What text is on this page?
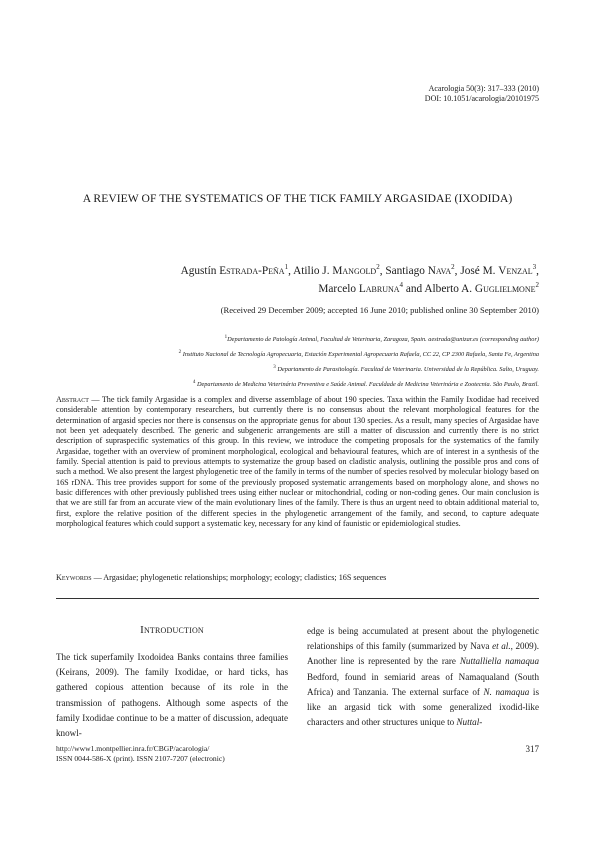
Acarologia 50(3): 317–333 (2010)
DOI: 10.1051/acarologia/20101975
A REVIEW OF THE SYSTEMATICS OF THE TICK FAMILY ARGASIDAE (IXODIDA)
Agustín Estrada-Peña$^1$, Atilio J. Mangold$^2$, Santiago Nava$^2$, José M. Venzal$^3$,
Marcelo Labruna$^4$ and Alberto A. Guglielmone$^2$
(Received 29 December 2009; accepted 16 June 2010; published online 30 September 2010)

$^1$Departamento de Patología Animal, Facultad de Veterinaria, Zaragoza, Spain. aestrada@unizar.es (corresponding author)

$^2$ Instituto Nacional de Tecnología Agropecuaria, Estación Experimental Agropecuaria Rafaela, CC 22, CP 2300 Rafaela, Santa Fe, Argentina

$^3$ Departamento de Parasitología. Facultad de Veterinaria. Universidad de la República. Salto, Uruguay.

$^4$ Departamento de Medicina Veterinária Preventiva e Saúde Animal. Faculdade de Medicina Veterinária e Zootecnia. São Paulo, Brazil.

Abstract — The tick family Argasidae is a complex and diverse assemblage of about 190 species. Taxa within the Family Ixodidae had received considerable attention by contemporary researchers, but currently there is no consensus about the relevant morphological features for the determination of argasid species nor there is consensus on the appropriate genus for about 130 species. As a result, many species of Argasidae have not been yet adequately described. The generic and subgeneric arrangements are still a matter of discussion and currently there is no strict description of supraspecific systematics of this group. In this review, we introduce the competing proposals for the systematics of the family Argasidae, together with an overview of prominent morphological, ecological and behavioural features, which are of interest in a synthesis of the family. Special attention is paid to previous attempts to systematize the group based on cladistic analysis, outlining the possible pros and cons of such a method. We also present the largest phylogenetic tree of the family in terms of the number of species resolved by molecular biology based on 16S rDNA. This tree provides support for some of the previously proposed systematic arrangements based on morphology alone, and shows no basic differences with other previously published trees using either nuclear or mitochondrial, coding or non-coding genes. Our main conclusion is that we are still far from an accurate view of the main evolutionary lines of the family. There is thus an urgent need to obtain additional material to, first, explore the relative position of the different species in the phylogenetic arrangement of the family, and second, to capture adequate morphological features which could support a systematic key, necessary for any kind of faunistic or epidemiological studies.
Keywords — Argasidae; phylogenetic relationships; morphology; ecology; cladistics; 16S sequences
Introduction
The tick superfamily Ixodoidea Banks contains three families (Keirans, 2009). The family Ixodidae, or hard ticks, has gathered copious attention because of its role in the transmission of pathogens. Although some aspects of the family Ixodidae continue to be a matter of discussion, adequate knowl-
edge is being accumulated at present about the phylogenetic relationships of this family (summarized by Nava et al., 2009). Another line is represented by the rare Nuttalliella namaqua Bedford, found in semiarid areas of Namaqualand (South Africa) and Tanzania. The external surface of N. namaqua is like an argasid tick with some generalized ixodid-like characters and other structures unique to Nuttal-
http://www1.montpellier.inra.fr/CBGP/acarologia/
ISSN 0044-586-X (print). ISSN 2107-7207 (electronic)
317
